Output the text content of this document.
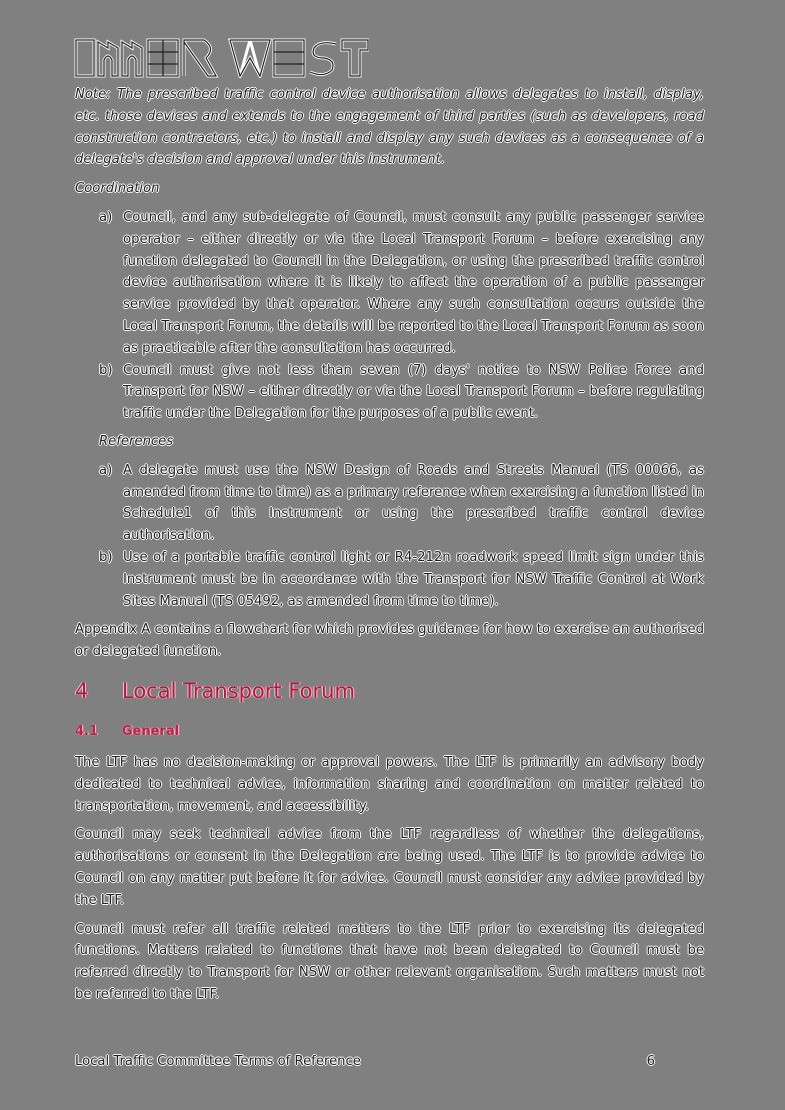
Note: The prescribed traffic control device authorisation allows delegates to install, display, etc. those devices and extends to the engagement of third parties (such as developers, road construction contractors, etc.) to install and display any such devices as a consequence of a delegate's decision and approval under this instrument.

Coordination
a) Council, and any sub-delegate of Council, must consult any public passenger service operator – either directly or via the Local Transport Forum – before exercising any function delegated to Council in the Delegation, or using the prescribed traffic control device authorisation where it is likely to affect the operation of a public passenger service provided by that operator. Where any such consultation occurs outside the Local Transport Forum, the details will be reported to the Local Transport Forum as soon as practicable after the consultation has occurred.
b) Council must give not less than seven (7) days' notice to NSW Police Force and Transport for NSW – either directly or via the Local Transport Forum – before regulating traffic under the Delegation for the purposes of a public event.
References
a) A delegate must use the NSW Design of Roads and Streets Manual (TS 00066, as amended from time to time) as a primary reference when exercising a function listed in Schedule1 of this Instrument or using the prescribed traffic control device authorisation.
b) Use of a portable traffic control light or R4-212n roadwork speed limit sign under this Instrument must be in accordance with the Transport for NSW Traffic Control at Work Sites Manual (TS 05492, as amended from time to time).

Appendix A contains a flowchart for which provides guidance for how to exercise an authorised or delegated function.

4	Local Transport Forum
4.1	General

The LTF has no decision-making or approval powers. The LTF is primarily an advisory body dedicated to technical advice, information sharing and coordination on matter related to transportation, movement, and accessibility.

Council may seek technical advice from the LTF regardless of whether the delegations, authorisations or consent in the Delegation are being used. The LTF is to provide advice to Council on any matter put before it for advice. Council must consider any advice provided by the LTF.

Council must refer all traffic related matters to the LTF prior to exercising its delegated functions. Matters related to functions that have not been delegated to Council must be referred directly to Transport for NSW or other relevant organisation. Such matters must not be referred to the LTF.

Local Traffic Committee Terms of Reference	6
